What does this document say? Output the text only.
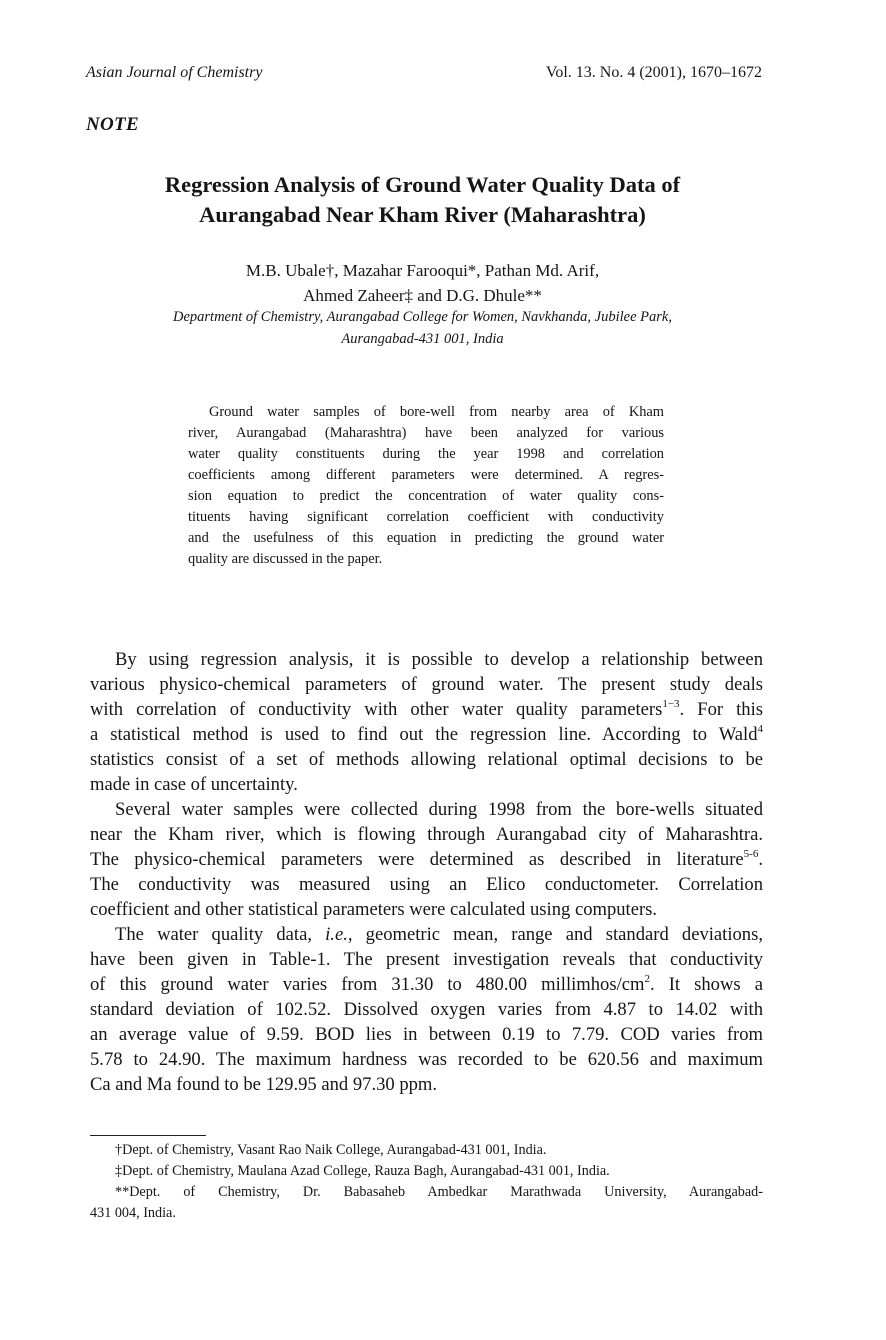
Asian Journal of Chemistry	Vol. 13. No. 4 (2001), 1670–1672
NOTE
Regression Analysis of Ground Water Quality Data of
Aurangabad Near Kham River (Maharashtra)
M.B. Ubale†, Mazahar Farooqui*, Pathan Md. Arif,
Ahmed Zaheer‡ and D.G. Dhule**
Department of Chemistry, Aurangabad College for Women, Navkhanda, Jubilee Park,
Aurangabad-431 001, India
Ground water samples of bore-well from nearby area of Kham
river, Aurangabad (Maharashtra) have been analyzed for various
water quality constituents during the year 1998 and correlation
coefficients among different parameters were determined. A regres-
sion equation to predict the concentration of water quality cons-
tituents having significant correlation coefficient with conductivity
and the usefulness of this equation in predicting the ground water
quality are discussed in the paper.
By using regression analysis, it is possible to develop a relationship between
various physico-chemical parameters of ground water. The present study deals
with correlation of conductivity with other water quality parameters$^{1-3}$. For this
a statistical method is used to find out the regression line. According to Wald$^4$
statistics consist of a set of methods allowing relational optimal decisions to be
made in case of uncertainty.
Several water samples were collected during 1998 from the bore-wells situated
near the Kham river, which is flowing through Aurangabad city of Maharashtra.
The physico-chemical parameters were determined as described in literature$^{5-6}$.
The conductivity was measured using an Elico conductometer. Correlation
coefficient and other statistical parameters were calculated using computers.
The water quality data, i.e., geometric mean, range and standard deviations,
have been given in Table-1. The present investigation reveals that conductivity
of this ground water varies from 31.30 to 480.00 millimhos/$cm^2$. It shows a
standard deviation of 102.52. Dissolved oxygen varies from 4.87 to 14.02 with
an average value of 9.59. BOD lies in between 0.19 to 7.79. COD varies from
5.78 to 24.90. The maximum hardness was recorded to be 620.56 and maximum
Ca and Ma found to be 129.95 and 97.30 ppm.
†Dept. of Chemistry, Vasant Rao Naik College, Aurangabad-431 001, India.
‡Dept. of Chemistry, Maulana Azad College, Rauza Bagh, Aurangabad-431 001, India.
**Dept. of Chemistry, Dr. Babasaheb Ambedkar Marathwada University, Aurangabad-
431 004, India.
